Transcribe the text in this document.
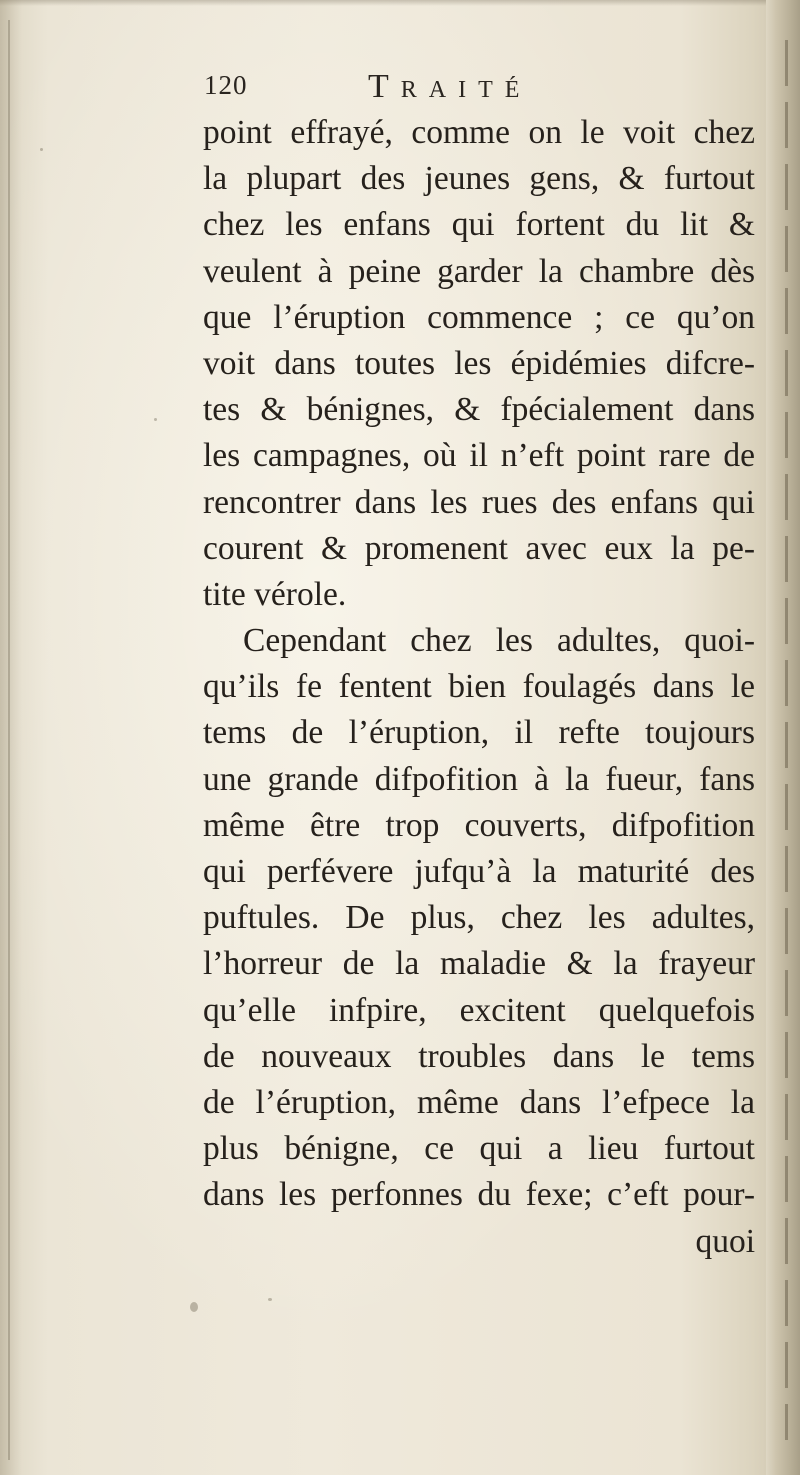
120	Traité
point effrayé, comme on le voit chez
la plupart des jeunes gens, & furtout
chez les enfans qui fortent du lit &
veulent à peine garder la chambre dès
que l’éruption commence ; ce qu’on
voit dans toutes les épidémies difcre-
tes & bénignes, & fpécialement dans
les campagnes, où il n’eft point rare de
rencontrer dans les rues des enfans qui
courent & promenent avec eux la pe-
tite vérole.
Cependant chez les adultes, quoi-
qu’ils fe fentent bien foulagés dans le
tems de l’éruption, il refte toujours
une grande difpofition à la fueur, fans
même être trop couverts, difpofition
qui perfévere jufqu’à la maturité des
puftules. De plus, chez les adultes,
l’horreur de la maladie & la frayeur
qu’elle infpire, excitent quelquefois
de nouveaux troubles dans le tems
de l’éruption, même dans l’efpece la
plus bénigne, ce qui a lieu furtout
dans les perfonnes du fexe; c’eft pour-
quoi
